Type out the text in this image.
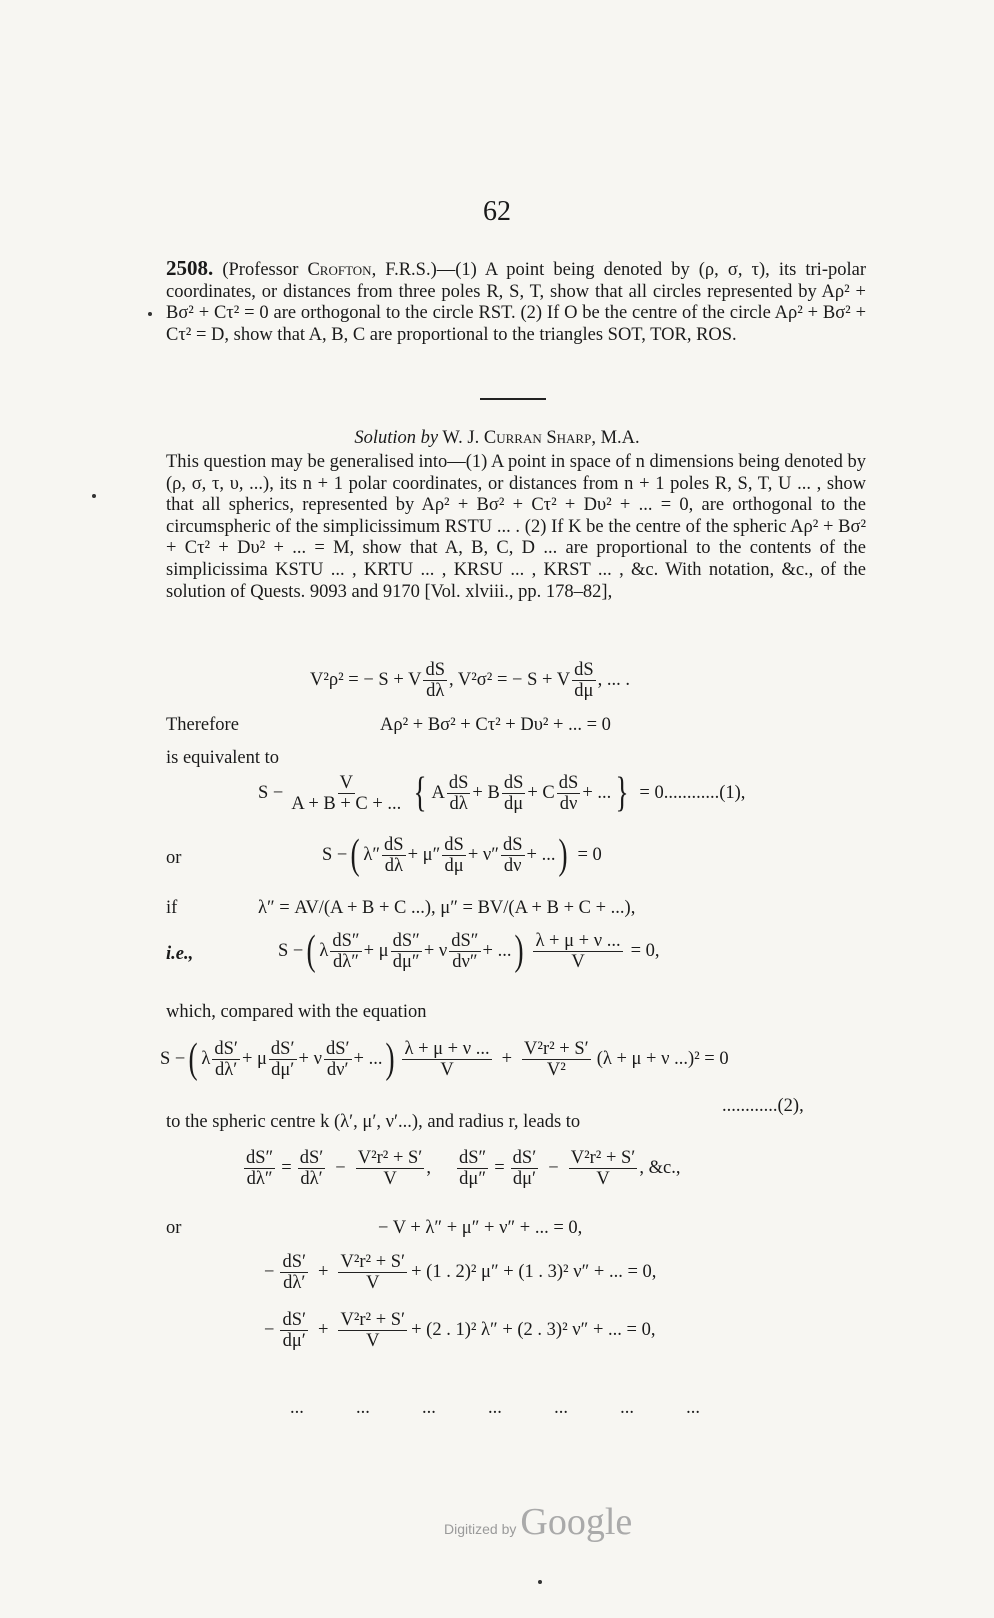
62

2508. (Professor Crofton, F.R.S.)—(1) A point being denoted by (ρ, σ, τ), its tri-polar coordinates, or distances from three poles R, S, T, show that all circles represented by Aρ² + Bσ² + Cτ² = 0 are orthogonal to the circle RST. (2) If O be the centre of the circle Aρ² + Bσ² + Cτ² = D, show that A, B, C are proportional to the triangles SOT, TOR, ROS.

Solution by W. J. Curran Sharp, M.A.

This question may be generalised into—(1) A point in space of n dimensions being denoted by (ρ, σ, τ, υ, ...), its n + 1 polar coordinates, or distances from n + 1 poles R, S, T, U ... , show that all spherics, represented by Aρ² + Bσ² + Cτ² + Dυ² + ... = 0, are orthogonal to the circumspheric of the simplicissimum RSTU ... . (2) If K be the centre of the spheric Aρ² + Bσ² + Cτ² + Dυ² + ... = M, show that A, B, C, D ... are proportional to the contents of the simplicissima KSTU ... , KRTU ... , KRSU ... , KRST ... , &c. With notation, &c., of the solution of Quests. 9093 and 9170 [Vol. xlviii., pp. 178–82],

V²ρ² = − S + V $\frac{dS}{d\lambda}$ , V²σ² = − S + V $\frac{dS}{d\mu}$ , ... .
Therefore	Aρ² + Bσ² + Cτ² + Dυ² + ... = 0
is equivalent to
$S - \frac{V}{A + B + C + ...}$ { A $\frac{dS}{d\lambda} + B \frac{dS}{d\mu} + C \frac{dS}{d\nu}$ + ... } = 0............(1),
or	S − ( $\lambda'' \frac{dS}{d\lambda} + \mu'' \frac{dS}{d\mu} + \nu'' \frac{dS}{d\nu}$ + ... ) = 0
if	λ″ = AV/(A + B + C ...), μ″ = BV/(A + B + C + ...),
i.e.,	S − ( λ $\frac{dS''}{d\lambda''} + \mu \frac{dS''}{d\mu''} + \nu \frac{dS''}{d\nu''}$ + ... ) $\frac{\lambda + \mu + \nu ...}{V} = 0$,
which, compared with the equation
S − ( λ $\frac{dS'}{d\lambda'} + \mu \frac{dS'}{d\mu'} + \nu \frac{dS'}{d\nu'}$ + ... ) $\frac{\lambda + \mu + \nu ...}{V} + \frac{\text{V²r² + S′}}{\text{V²}} (\lambda + \mu + \nu$ ...)² = 0
............(2),
to the spheric centre k (λ′, μ′, ν′...), and radius r, leads to
$\frac{dS''}{d\lambda''} = \frac{dS'}{d\lambda'} - \frac{\text{V²r² + S′}}{V}$ , $\frac{dS''}{d\mu''} = \frac{dS'}{d\mu'} - \frac{\text{V²r² + S′}}{V}$ , &c.,
or	− V + λ″ + μ″ + ν″ + ... = 0,
− $\frac{dS'}{d\lambda'} + \frac{\text{V²r² + S′}}{V} + (1$ . 2)² μ″ + (1 . 3)² ν″ + ... = 0,
− $\frac{dS'}{d\mu'} + \frac{\text{V²r² + S′}}{V} + (2$ . 1)² λ″ + (2 . 3)² ν″ + ... = 0,
...	...	...	...	...	...	...
Digitized by Google
